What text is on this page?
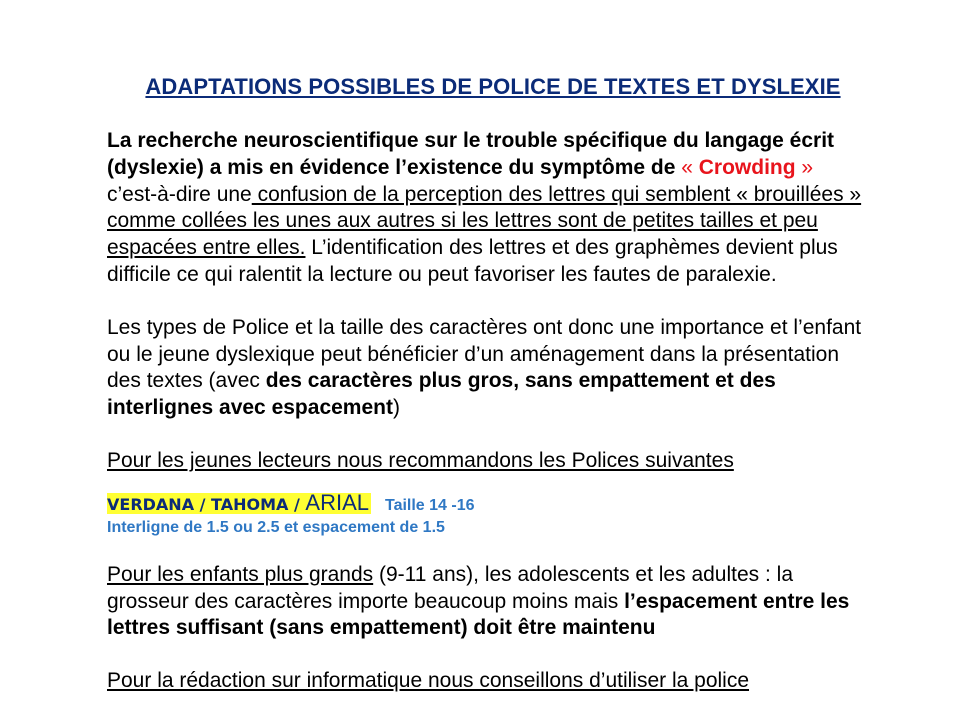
ADAPTATIONS POSSIBLES DE POLICE DE TEXTES ET DYSLEXIE

La recherche neuroscientifique sur le trouble spécifique du langage écrit (dyslexie) a mis en évidence l’existence du symptôme de « Crowding » c’est-à-dire une confusion de la perception des lettres qui semblent « brouillées » comme collées les unes aux autres si les lettres sont de petites tailles et peu espacées entre elles. L’identification des lettres et des graphèmes devient plus difficile ce qui ralentit la lecture ou peut favoriser les fautes de paralexie.

Les types de Police et la taille des caractères ont donc une importance et l’enfant ou le jeune dyslexique peut bénéficier d’un aménagement dans la présentation des textes (avec des caractères plus gros, sans empattement et des interlignes avec espacement)

Pour les jeunes lecteurs nous recommandons les Polices suivantes

VERDANA / TAHOMA / ARIAL Taille 14 -16
Interligne de 1.5 ou 2.5 et espacement de 1.5

Pour les enfants plus grands (9-11 ans), les adolescents et les adultes : la grosseur des caractères importe beaucoup moins mais l’espacement entre les lettres suffisant (sans empattement) doit être maintenu

Pour la rédaction sur informatique nous conseillons d’utiliser la police
